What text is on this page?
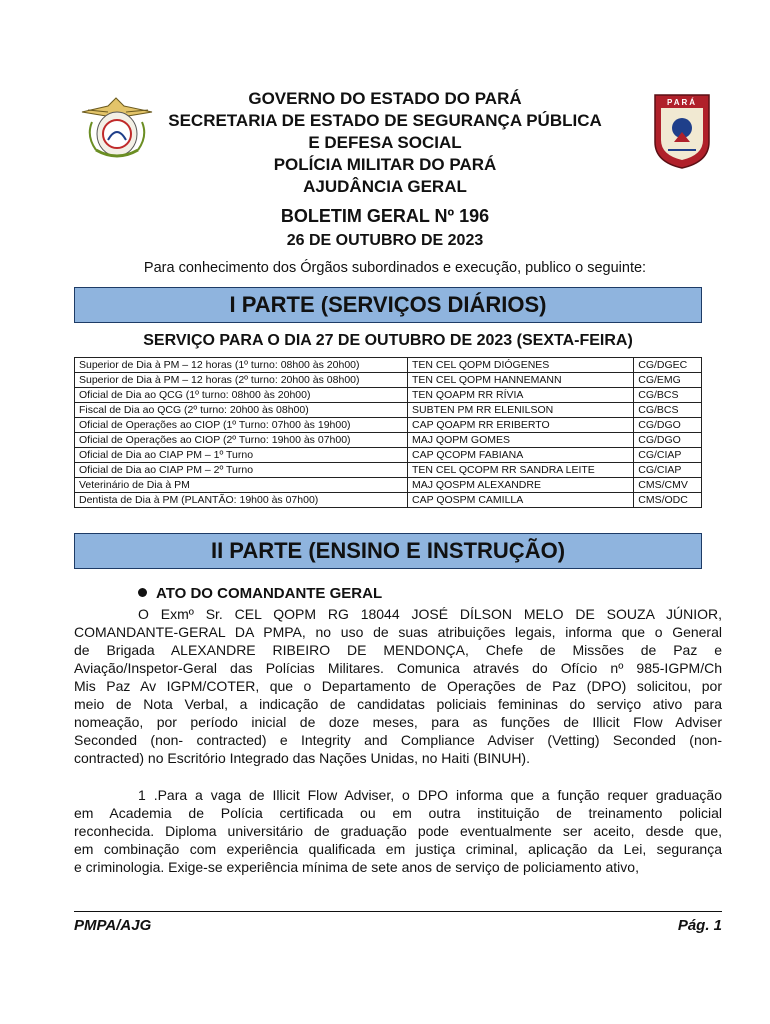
PARÁ
GOVERNO DO ESTADO DO PARÁ
SECRETARIA DE ESTADO DE SEGURANÇA PÚBLICA
E DEFESA SOCIAL
POLÍCIA MILITAR DO PARÁ
AJUDÂNCIA GERAL
BOLETIM GERAL Nº 196
26 DE OUTUBRO DE 2023
Para conhecimento dos Órgãos subordinados e execução, publico o seguinte:
I PARTE (SERVIÇOS DIÁRIOS)
SERVIÇO PARA O DIA 27 DE OUTUBRO DE 2023 (SEXTA-FEIRA)
Superior de Dia à PM – 12 horas (1º turno: 08h00 às 20h00)	TEN CEL QOPM DIÓGENES	CG/DGEC
Superior de Dia à PM – 12 horas (2º turno: 20h00 às 08h00)	TEN CEL QOPM HANNEMANN	CG/EMG
Oficial de Dia ao QCG (1º turno: 08h00 às 20h00)	TEN QOAPM RR RÍVIA	CG/BCS
Fiscal de Dia ao QCG (2º turno: 20h00 às 08h00)	SUBTEN PM RR ELENILSON	CG/BCS
Oficial de Operações ao CIOP (1º Turno: 07h00 às 19h00)	CAP QOAPM RR ERIBERTO	CG/DGO
Oficial de Operações ao CIOP (2º Turno: 19h00 às 07h00)	MAJ QOPM GOMES	CG/DGO
Oficial de Dia ao CIAP PM – 1º Turno	CAP QCOPM FABIANA	CG/CIAP
Oficial de Dia ao CIAP PM – 2º Turno	TEN CEL QCOPM RR SANDRA LEITE	CG/CIAP
Veterinário de Dia à PM	MAJ QOSPM ALEXANDRE	CMS/CMV
Dentista de Dia à PM (PLANTÃO: 19h00 às 07h00)	CAP QOSPM CAMILLA	CMS/ODC
II PARTE (ENSINO E INSTRUÇÃO)
ATO DO COMANDANTE GERAL
O Exmº Sr. CEL QOPM RG 18044 JOSÉ DÍLSON MELO DE SOUZA JÚNIOR,
COMANDANTE-GERAL DA PMPA, no uso de suas atribuições legais, informa que o General
de Brigada ALEXANDRE RIBEIRO DE MENDONÇA, Chefe de Missões de Paz e
Aviação/Inspetor-Geral das Polícias Militares. Comunica através do Ofício nº 985-IGPM/Ch
Mis Paz Av IGPM/COTER, que o Departamento de Operações de Paz (DPO) solicitou, por
meio de Nota Verbal, a indicação de candidatas policiais femininas do serviço ativo para
nomeação, por período inicial de doze meses, para as funções de Illicit Flow Adviser
Seconded (non- contracted) e Integrity and Compliance Adviser (Vetting) Seconded (non-
contracted) no Escritório Integrado das Nações Unidas, no Haiti (BINUH).
1 .Para a vaga de Illicit Flow Adviser, o DPO informa que a função requer graduação
em Academia de Polícia certificada ou em outra instituição de treinamento policial
reconhecida. Diploma universitário de graduação pode eventualmente ser aceito, desde que,
em combinação com experiência qualificada em justiça criminal, aplicação da Lei, segurança
e criminologia. Exige-se experiência mínima de sete anos de serviço de policiamento ativo,
PMPA/AJG	Pág. 1
